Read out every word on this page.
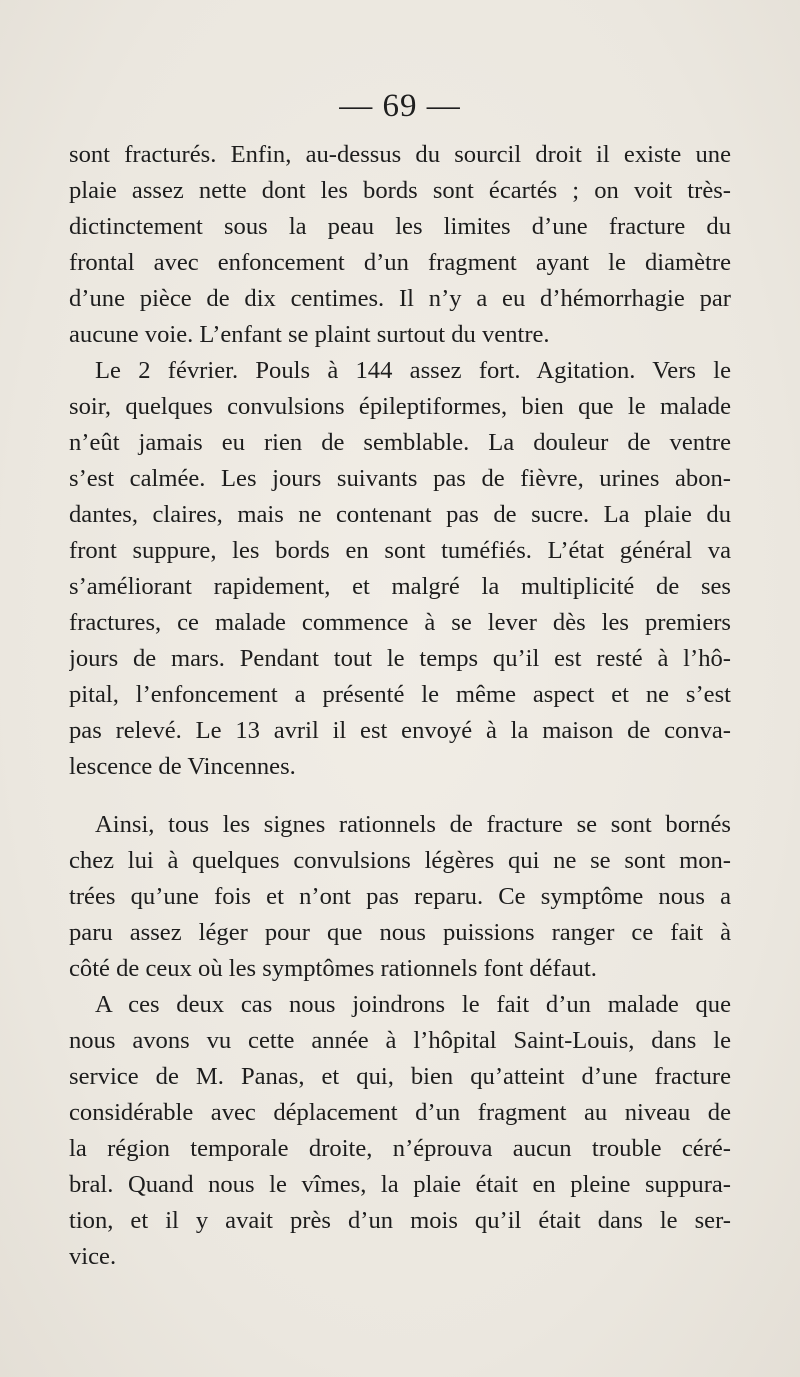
— 69 —
sont fracturés. Enfin, au-dessus du sourcil droit il existe une
plaie assez nette dont les bords sont écartés ; on voit très-
dictinctement sous la peau les limites d’une fracture du
frontal avec enfoncement d’un fragment ayant le diamètre
d’une pièce de dix centimes. Il n’y a eu d’hémorrhagie par
aucune voie. L’enfant se plaint surtout du ventre.
Le 2 février. Pouls à 144 assez fort. Agitation. Vers le
soir, quelques convulsions épileptiformes, bien que le malade
n’eût jamais eu rien de semblable. La douleur de ventre
s’est calmée. Les jours suivants pas de fièvre, urines abon-
dantes, claires, mais ne contenant pas de sucre. La plaie du
front suppure, les bords en sont tuméfiés. L’état général va
s’améliorant rapidement, et malgré la multiplicité de ses
fractures, ce malade commence à se lever dès les premiers
jours de mars. Pendant tout le temps qu’il est resté à l’hô-
pital, l’enfoncement a présenté le même aspect et ne s’est
pas relevé. Le 13 avril il est envoyé à la maison de conva-
lescence de Vincennes.
Ainsi, tous les signes rationnels de fracture se sont bornés
chez lui à quelques convulsions légères qui ne se sont mon-
trées qu’une fois et n’ont pas reparu. Ce symptôme nous a
paru assez léger pour que nous puissions ranger ce fait à
côté de ceux où les symptômes rationnels font défaut.
A ces deux cas nous joindrons le fait d’un malade que
nous avons vu cette année à l’hôpital Saint-Louis, dans le
service de M. Panas, et qui, bien qu’atteint d’une fracture
considérable avec déplacement d’un fragment au niveau de
la région temporale droite, n’éprouva aucun trouble céré-
bral. Quand nous le vîmes, la plaie était en pleine suppura-
tion, et il y avait près d’un mois qu’il était dans le ser-
vice.
